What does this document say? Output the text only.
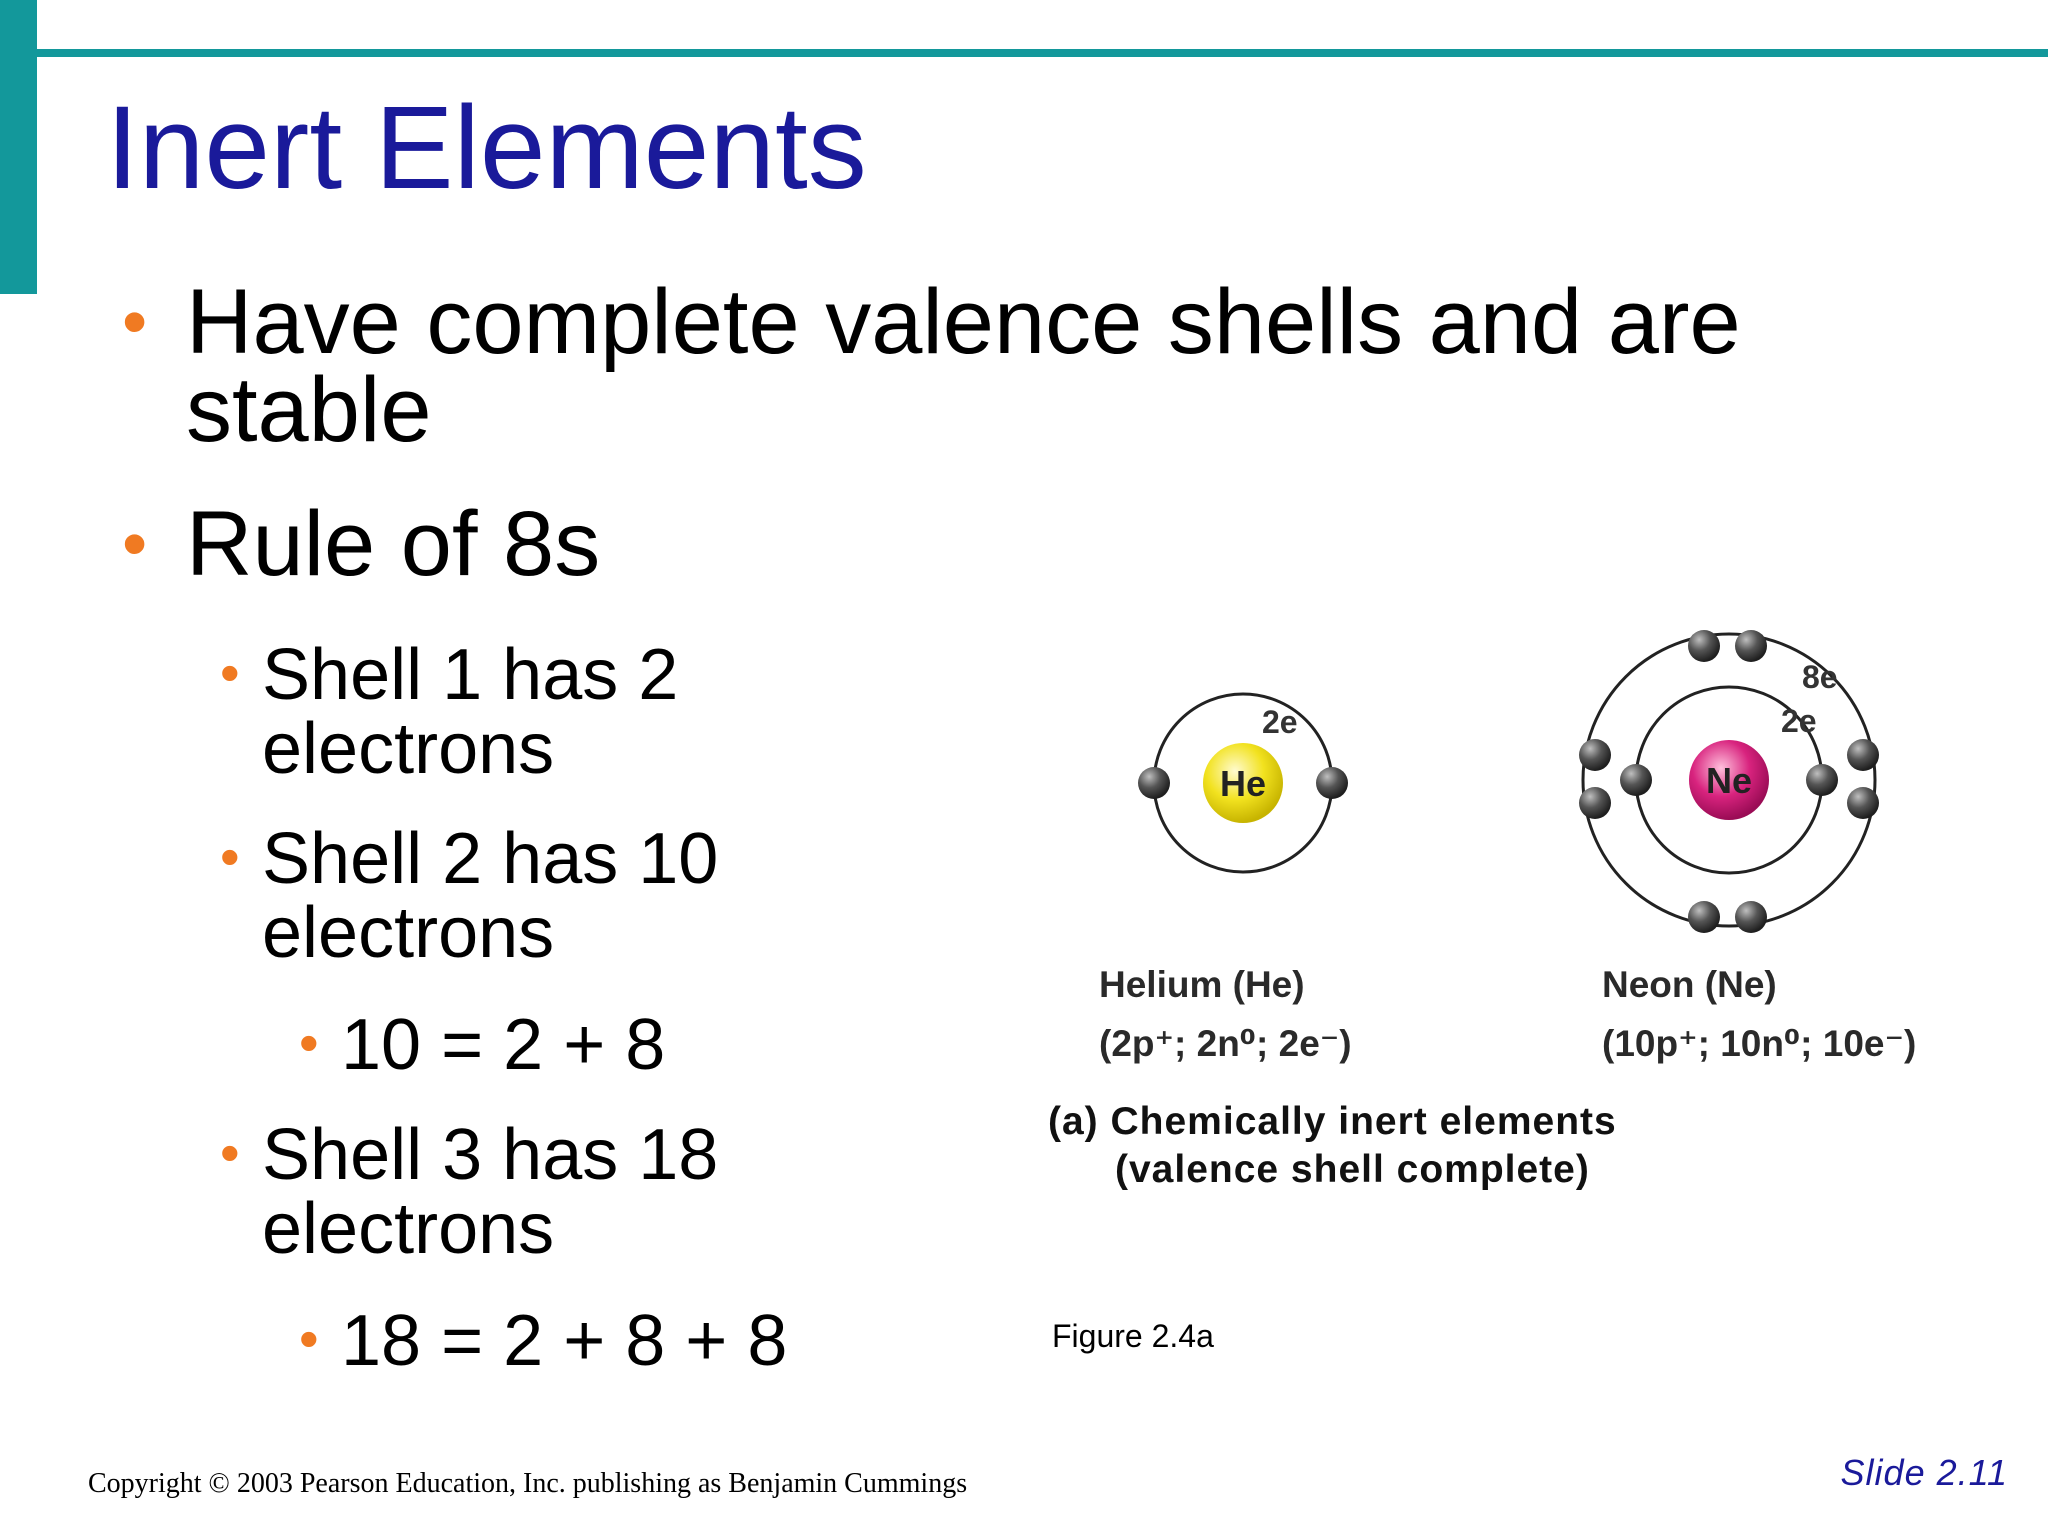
Inert Elements
• Have complete valence shells and are stable
• Rule of 8s
• Shell 1 has 2 electrons
• Shell 2 has 10 electrons
• 10 = 2 + 8
• Shell 3 has 18 electrons
• 18 = 2 + 8 + 8
He
2e
Ne
8e
2e
Helium (He)
(2p⁺; 2n⁰; 2e⁻)
Neon (Ne)
(10p⁺; 10n⁰; 10e⁻)
(a) Chemically inert elements
(valence shell complete)
Figure 2.4a
Copyright © 2003 Pearson Education, Inc. publishing as Benjamin Cummings	Slide 2.11
